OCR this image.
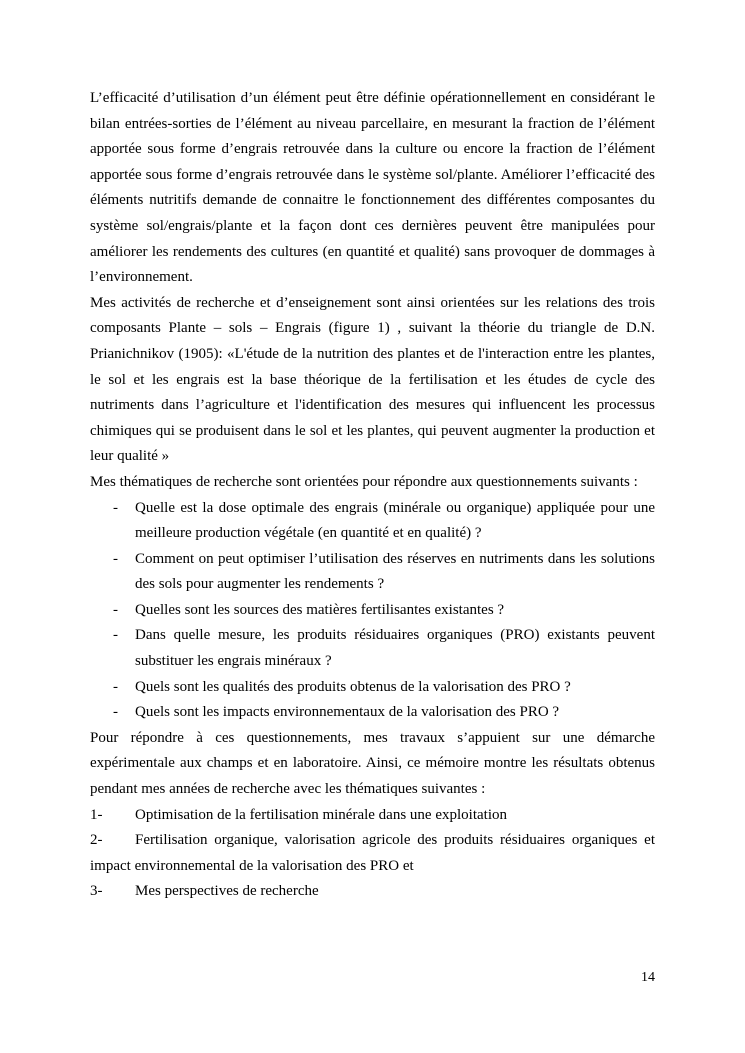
L’efficacité d’utilisation d’un élément peut être définie opérationnellement en considérant le bilan entrées-sorties de l’élément au niveau parcellaire, en mesurant la fraction de l’élément apportée sous forme d’engrais retrouvée dans la culture ou encore la fraction de l’élément apportée sous forme d’engrais retrouvée dans le système sol/plante. Améliorer l’efficacité des éléments nutritifs demande de connaitre le fonctionnement des différentes composantes du système sol/engrais/plante et la façon dont ces dernières peuvent être manipulées pour améliorer les rendements des cultures (en quantité et qualité) sans provoquer de dommages à l’environnement.

Mes activités de recherche et d’enseignement sont ainsi orientées sur les relations des trois composants Plante – sols – Engrais (figure 1) , suivant la théorie du triangle de D.N. Prianichnikov (1905): «L'étude de la nutrition des plantes et de l'interaction entre les plantes, le sol et les engrais est la base théorique de la fertilisation et les études de cycle des nutriments dans l’agriculture et l'identification des mesures qui influencent les processus chimiques qui se produisent dans le sol et les plantes, qui peuvent augmenter la production et leur qualité »

Mes thématiques de recherche sont orientées pour répondre aux questionnements suivants :

- Quelle est la dose optimale des engrais (minérale ou organique) appliquée pour une meilleure production végétale (en quantité et en qualité) ?
- Comment on peut optimiser l’utilisation des réserves en nutriments dans les solutions des sols pour augmenter les rendements ?
- Quelles sont les sources des matières fertilisantes existantes ?
- Dans quelle mesure, les produits résiduaires organiques (PRO) existants peuvent substituer les engrais minéraux ?
- Quels sont les qualités des produits obtenus de la valorisation des PRO ?
- Quels sont les impacts environnementaux de la valorisation des PRO ?

Pour répondre à ces questionnements, mes travaux s’appuient sur une démarche expérimentale aux champs et en laboratoire. Ainsi, ce mémoire montre les résultats obtenus pendant mes années de recherche avec les thématiques suivantes :

1- Optimisation de la fertilisation minérale dans une exploitation

2- Fertilisation organique, valorisation agricole des produits résiduaires organiques et impact environnemental de la valorisation des PRO et

3- Mes perspectives de recherche

14
